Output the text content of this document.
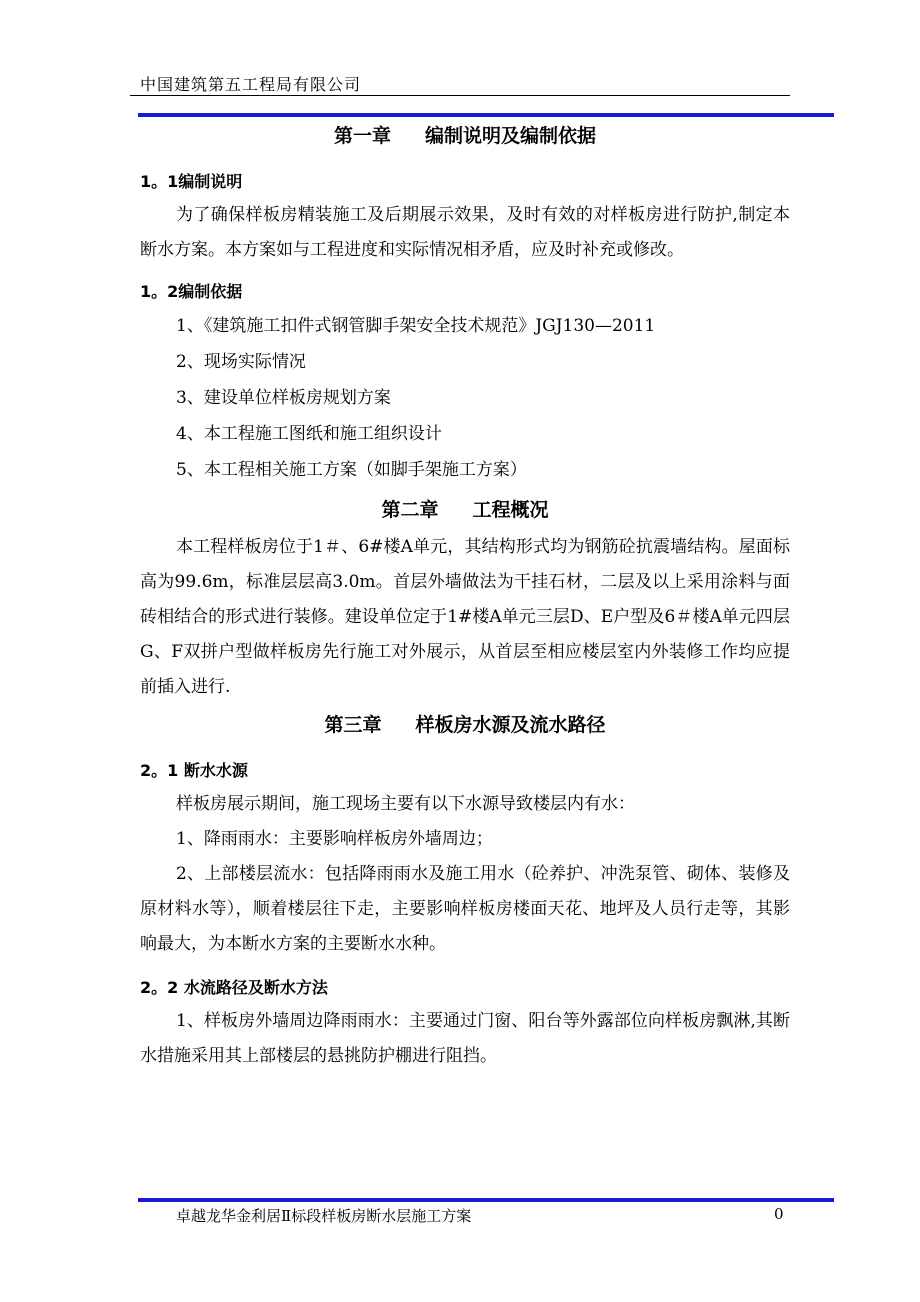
中国建筑第五工程局有限公司
第一章 编制说明及编制依据
1。1编制说明

为了确保样板房精装施工及后期展示效果，及时有效的对样板房进行防护,制定本断水方案。本方案如与工程进度和实际情况相矛盾，应及时补充或修改。

1。2编制依据

1、《建筑施工扣件式钢管脚手架安全技术规范》JGJ130—2011

2、现场实际情况

3、建设单位样板房规划方案

4、本工程施工图纸和施工组织设计

5、本工程相关施工方案（如脚手架施工方案）

第二章 工程概况

本工程样板房位于1＃、6#楼A单元，其结构形式均为钢筋砼抗震墙结构。屋面标高为99.6m，标准层层高3.0m。首层外墙做法为干挂石材，二层及以上采用涂料与面砖相结合的形式进行装修。建设单位定于1#楼A单元三层D、E户型及6＃楼A单元四层G、F双拼户型做样板房先行施工对外展示，从首层至相应楼层室内外装修工作均应提前插入进行.

第三章 样板房水源及流水路径
2。1 断水水源

样板房展示期间，施工现场主要有以下水源导致楼层内有水：

1、降雨雨水：主要影响样板房外墙周边；

2、上部楼层流水：包括降雨雨水及施工用水（砼养护、冲洗泵管、砌体、装修及原材料水等），顺着楼层往下走，主要影响样板房楼面天花、地坪及人员行走等，其影响最大，为本断水方案的主要断水水种。

2。2 水流路径及断水方法

1、样板房外墙周边降雨雨水：主要通过门窗、阳台等外露部位向样板房飘淋,其断水措施采用其上部楼层的悬挑防护棚进行阻挡。

卓越龙华金利居Ⅱ标段样板房断水层施工方案	0
